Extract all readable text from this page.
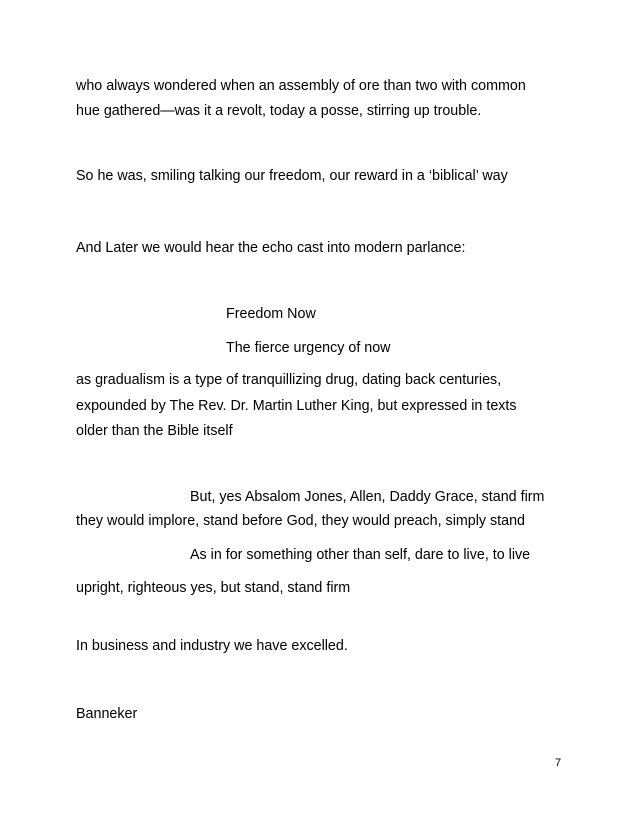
who always wondered when an assembly of ore than two with common
hue gathered—was it a revolt, today a posse, stirring up trouble.
So he was, smiling talking our freedom, our reward in a ‘biblical’ way
And Later we would hear the echo cast into modern parlance:
Freedom Now
The fierce urgency of now
as gradualism is a type of tranquillizing drug, dating back centuries,
expounded by The Rev. Dr. Martin Luther King, but expressed in texts
older than the Bible itself
But, yes Absalom Jones, Allen, Daddy Grace, stand firm
they would implore, stand before God, they would preach, simply stand
As in for something other than self, dare to live, to live
upright, righteous yes, but stand, stand firm
In business and industry we have excelled.
Banneker
7
